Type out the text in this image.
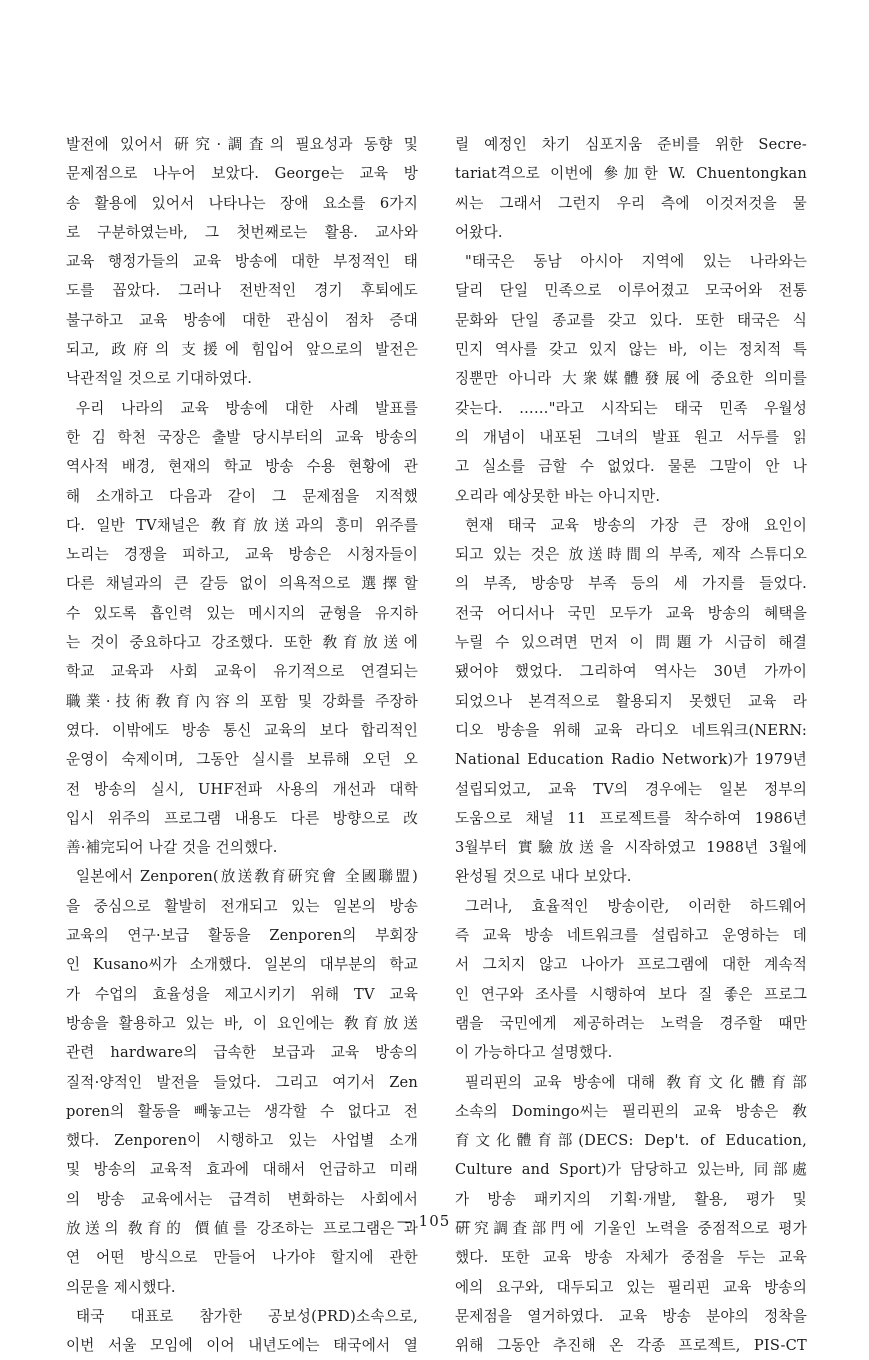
발전에 있어서 硏究·調査의 필요성과 동향 및
문제점으로 나누어 보았다. George는 교육 방
송 활용에 있어서 나타나는 장애 요소를 6가지
로 구분하였는바, 그 첫번째로는 활용. 교사와
교육 행정가들의 교육 방송에 대한 부정적인 태
도를 꼽았다. 그러나 전반적인 경기 후퇴에도
불구하고 교육 방송에 대한 관심이 점차 증대
되고, 政府의 支援에 힘입어 앞으로의 발전은
낙관적일 것으로 기대하였다.
우리 나라의 교육 방송에 대한 사례 발표를
한 김 학천 국장은 출발 당시부터의 교육 방송의
역사적 배경, 현재의 학교 방송 수용 현황에 관
해 소개하고 다음과 같이 그 문제점을 지적했
다. 일반 TV채널은 敎育放送과의 흥미 위주를
노리는 경쟁을 피하고, 교육 방송은 시청자들이
다른 채널과의 큰 갈등 없이 의욕적으로 選擇할
수 있도록 흡인력 있는 메시지의 균형을 유지하
는 것이 중요하다고 강조했다. 또한 敎育放送에
학교 교육과 사회 교육이 유기적으로 연결되는
職業·技術敎育內容의 포함 및 강화를 주장하
였다. 이밖에도 방송 통신 교육의 보다 합리적인
운영이 숙제이며, 그동안 실시를 보류해 오던 오
전 방송의 실시, UHF전파 사용의 개선과 대학
입시 위주의 프로그램 내용도 다른 방향으로 改
善·補完되어 나갈 것을 건의했다.
일본에서 Zenporen(放送敎育硏究會 全國聯盟)
을 중심으로 활발히 전개되고 있는 일본의 방송
교육의 연구·보급 활동을 Zenporen의 부회장
인 Kusano씨가 소개했다. 일본의 대부분의 학교
가 수업의 효율성을 제고시키기 위해 TV 교육
방송을 활용하고 있는 바, 이 요인에는 敎育放送
관련 hardware의 급속한 보급과 교육 방송의
질적·양적인 발전을 들었다. 그리고 여기서 Zen
poren의 활동을 빼놓고는 생각할 수 없다고 전
했다. Zenporen이 시행하고 있는 사업별 소개
및 방송의 교육적 효과에 대해서 언급하고 미래
의 방송 교육에서는 급격히 변화하는 사회에서
放送의 敎育的 價値를 강조하는 프로그램은 과
연 어떤 방식으로 만들어 나가야 할지에 관한
의문을 제시했다.
태국 대표로 참가한 공보성(PRD)소속으로,
이번 서울 모임에 이어 내년도에는 태국에서 열
릴 예정인 차기 심포지움 준비를 위한 Secre-
tariat격으로 이번에 參加한 W. Chuentongkan
씨는 그래서 그런지 우리 측에 이것저것을 물
어왔다.
"태국은 동남 아시아 지역에 있는 나라와는
달리 단일 민족으로 이루어졌고 모국어와 전통
문화와 단일 종교를 갖고 있다. 또한 태국은 식
민지 역사를 갖고 있지 않는 바, 이는 정치적 특
징뿐만 아니라 大衆媒體發展에 중요한 의미를
갖는다. ……"라고 시작되는 태국 민족 우월성
의 개념이 내포된 그녀의 발표 원고 서두를 읽
고 실소를 금할 수 없었다. 물론 그말이 안 나
오리라 예상못한 바는 아니지만.
현재 태국 교육 방송의 가장 큰 장애 요인이
되고 있는 것은 放送時間의 부족, 제작 스튜디오
의 부족, 방송망 부족 등의 세 가지를 들었다.
전국 어디서나 국민 모두가 교육 방송의 혜택을
누릴 수 있으려면 먼저 이 問題가 시급히 해결
됐어야 했었다. 그리하여 역사는 30년 가까이
되었으나 본격적으로 활용되지 못했던 교육 라
디오 방송을 위해 교육 라디오 네트워크(NERN:
National Education Radio Network)가 1979년
설립되었고, 교육 TV의 경우에는 일본 정부의
도움으로 채널 11 프로젝트를 착수하여 1986년
3월부터 實驗放送을 시작하였고 1988년 3월에
완성될 것으로 내다 보았다.
그러나, 효율적인 방송이란, 이러한 하드웨어
즉 교육 방송 네트워크를 설립하고 운영하는 데
서 그치지 않고 나아가 프로그램에 대한 계속적
인 연구와 조사를 시행하여 보다 질 좋은 프로그
램을 국민에게 제공하려는 노력을 경주할 때만
이 가능하다고 설명했다.
필리핀의 교육 방송에 대해 敎育文化體育部
소속의 Domingo씨는 필리핀의 교육 방송은 敎
育文化體育部(DECS: Dep't. of Education,
Culture and Sport)가 담당하고 있는바, 同部處
가 방송 패키지의 기획·개발, 활용, 평가 및
硏究調査部門에 기울인 노력을 중점적으로 평가
했다. 또한 교육 방송 자체가 중점을 두는 교육
에의 요구와, 대두되고 있는 필리핀 교육 방송의
문제점을 열거하였다. 교육 방송 분야의 정착을
위해 그동안 추진해 온 각종 프로젝트, PIS-CT
— 105 —
